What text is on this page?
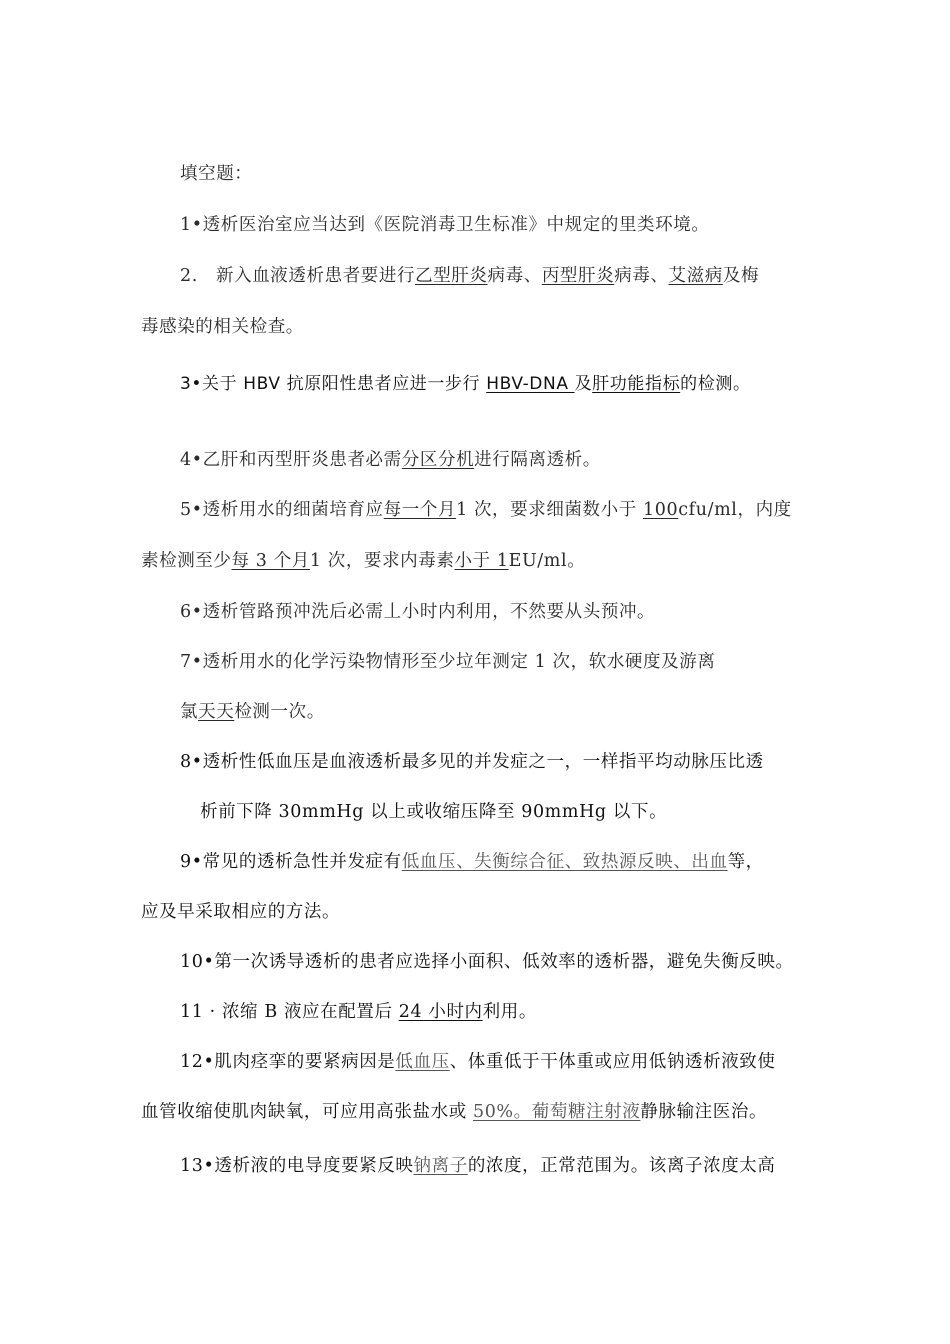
填空题：
1•透析医治室应当达到《医院消毒卫生标准》中规定的里类环境。
2.　新入血液透析患者要进行乙型肝炎病毒、丙型肝炎病毒、艾滋病及梅
毒感染的相关检查。
3•关于 HBV 抗原阳性患者应进一步行 HBV-DNA 及肝功能指标的检测。
4•乙肝和丙型肝炎患者必需分区分机进行隔离透析。
5•透析用水的细菌培育应每一个月1 次，要求细菌数小于 100cfu/ml，内度
素检测至少每 3 个月1 次，要求内毒素小于 1EU/ml。
6•透析管路预冲洗后必需丄小时内利用，不然要从头预冲。
7•透析用水的化学污染物情形至少垃年测定 1 次，软水硬度及游离
氯天天检测一次。
8•透析性低血压是血液透析最多见的并发症之一，一样指平均动脉压比透
析前下降 30mmHg 以上或收缩压降至 90mmHg 以下。
9•常见的透析急性并发症有低血压、失衡综合征、致热源反映、出血等，
应及早采取相应的方法。
10•第一次诱导透析的患者应选择小面积、低效率的透析器，避免失衡反映。
11 · 浓缩 B 液应在配置后 24 小时内利用。
12•肌肉痉挛的要紧病因是低血压、体重低于干体重或应用低钠透析液致使
血管收缩使肌肉缺氧，可应用高张盐水或 50%。葡萄糖注射液静脉输注医治。
13•透析液的电导度要紧反映钠离子的浓度，正常范围为。该离子浓度太高
